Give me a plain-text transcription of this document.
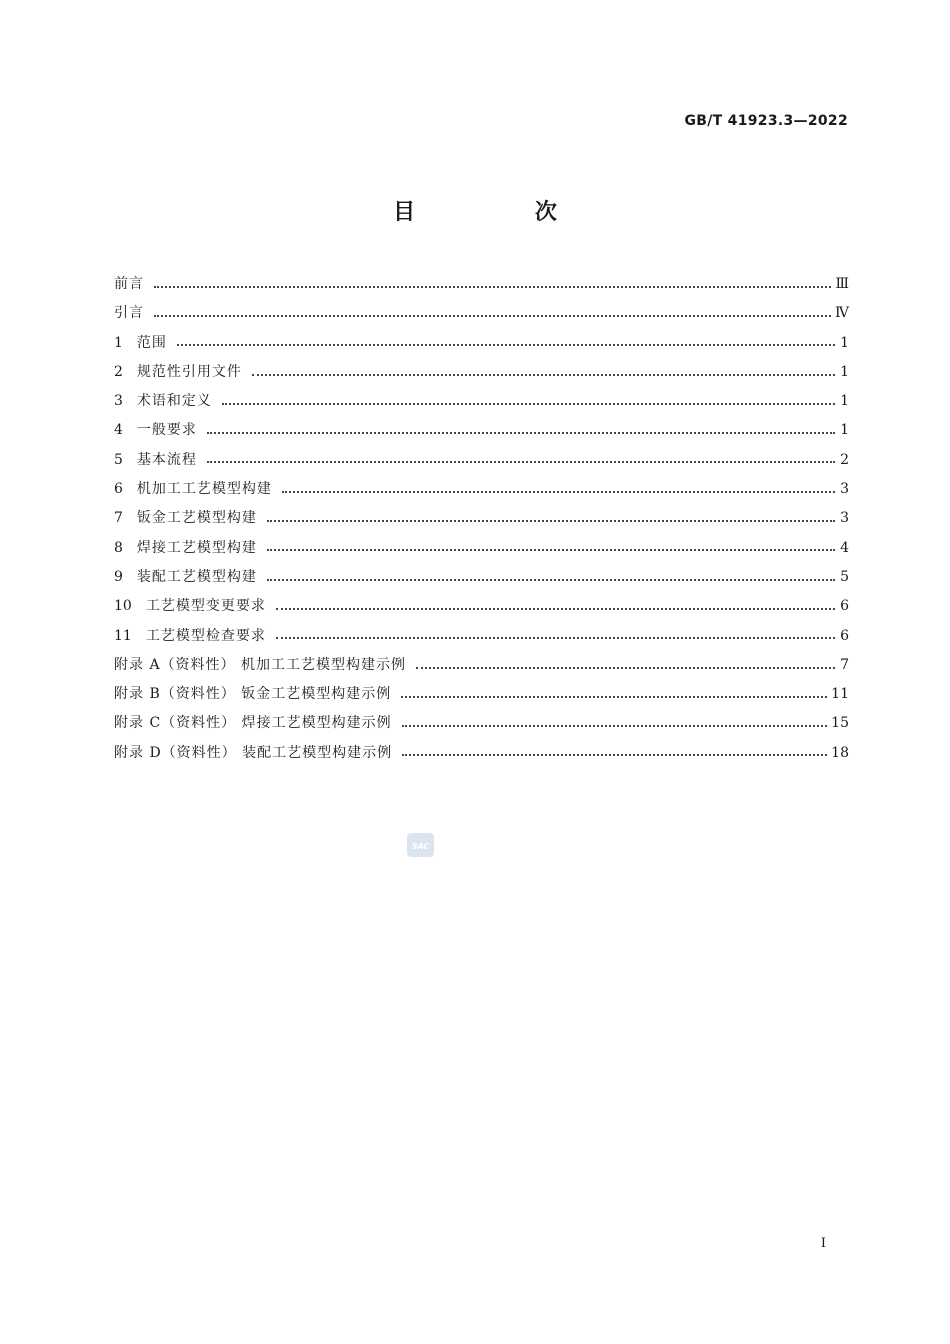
GB/T 41923.3—2022
目 次
前言	Ⅲ
引言	Ⅳ
1 范围	1
2 规范性引用文件	1
3 术语和定义	1
4 一般要求	1
5 基本流程	2
6 机加工工艺模型构建	3
7 钣金工艺模型构建	3
8 焊接工艺模型构建	4
9 装配工艺模型构建	5
10 工艺模型变更要求	6
11 工艺模型检查要求	6
附录 A（资料性） 机加工工艺模型构建示例	7
附录 B（资料性） 钣金工艺模型构建示例	11
附录 C（资料性） 焊接工艺模型构建示例	15
附录 D（资料性） 装配工艺模型构建示例	18
SAC
I
